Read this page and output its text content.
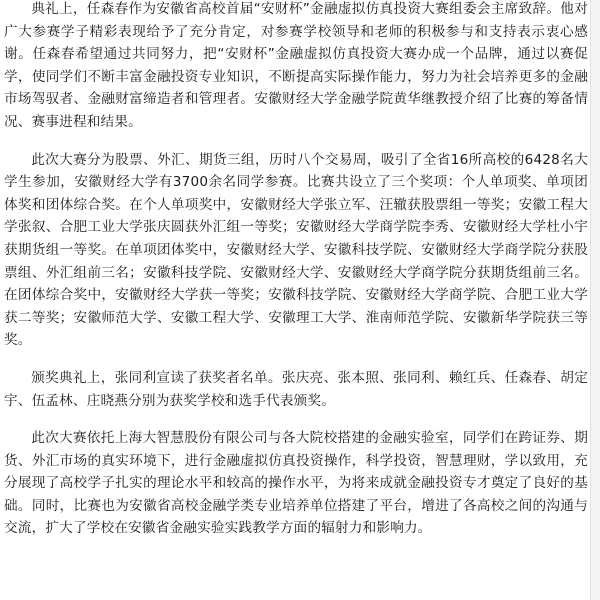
典礼上，任森春作为安徽省高校首届“安财杯”金融虚拟仿真投资大赛组委会主席致辞。他对广大参赛学子精彩表现给予了充分肯定，对参赛学校领导和老师的积极参与和支持表示衷心感谢。任森春希望通过共同努力，把“安财杯”金融虚拟仿真投资大赛办成一个品牌，通过以赛促学，使同学们不断丰富金融投资专业知识，不断提高实际操作能力，努力为社会培养更多的金融市场驾驭者、金融财富缔造者和管理者。安徽财经大学金融学院黄华继教授介绍了比赛的筹备情况、赛事进程和结果。

此次大赛分为股票、外汇、期货三组，历时八个交易周，吸引了全省16所高校的6428名大学生参加，安徽财经大学有3700余名同学参赛。比赛共设立了三个奖项：个人单项奖、单项团体奖和团体综合奖。在个人单项奖中，安徽财经大学张立军、汪辙获股票组一等奖；安徽工程大学张叙、合肥工业大学张庆圆获外汇组一等奖；安徽财经大学商学院李秀、安徽财经大学杜小宇获期货组一等奖。在单项团体奖中，安徽财经大学、安徽科技学院、安徽财经大学商学院分获股票组、外汇组前三名；安徽科技学院、安徽财经大学、安徽财经大学商学院分获期货组前三名。在团体综合奖中，安徽财经大学获一等奖；安徽科技学院、安徽财经大学商学院、合肥工业大学获二等奖；安徽师范大学、安徽工程大学、安徽理工大学、淮南师范学院、安徽新华学院获三等奖。

颁奖典礼上，张同利宣读了获奖者名单。张庆亮、张本照、张同利、赖红兵、任森春、胡定宇、伍孟林、庄晓燕分别为获奖学校和选手代表颁奖。

此次大赛依托上海大智慧股份有限公司与各大院校搭建的金融实验室，同学们在跨证券、期货、外汇市场的真实环境下，进行金融虚拟仿真投资操作，科学投资，智慧理财，学以致用，充分展现了高校学子扎实的理论水平和较高的操作水平，为将来成就金融投资专才奠定了良好的基础。同时，比赛也为安徽省高校金融学类专业培养单位搭建了平台，增进了各高校之间的沟通与交流，扩大了学校在安徽省金融实验实践教学方面的辐射力和影响力。
